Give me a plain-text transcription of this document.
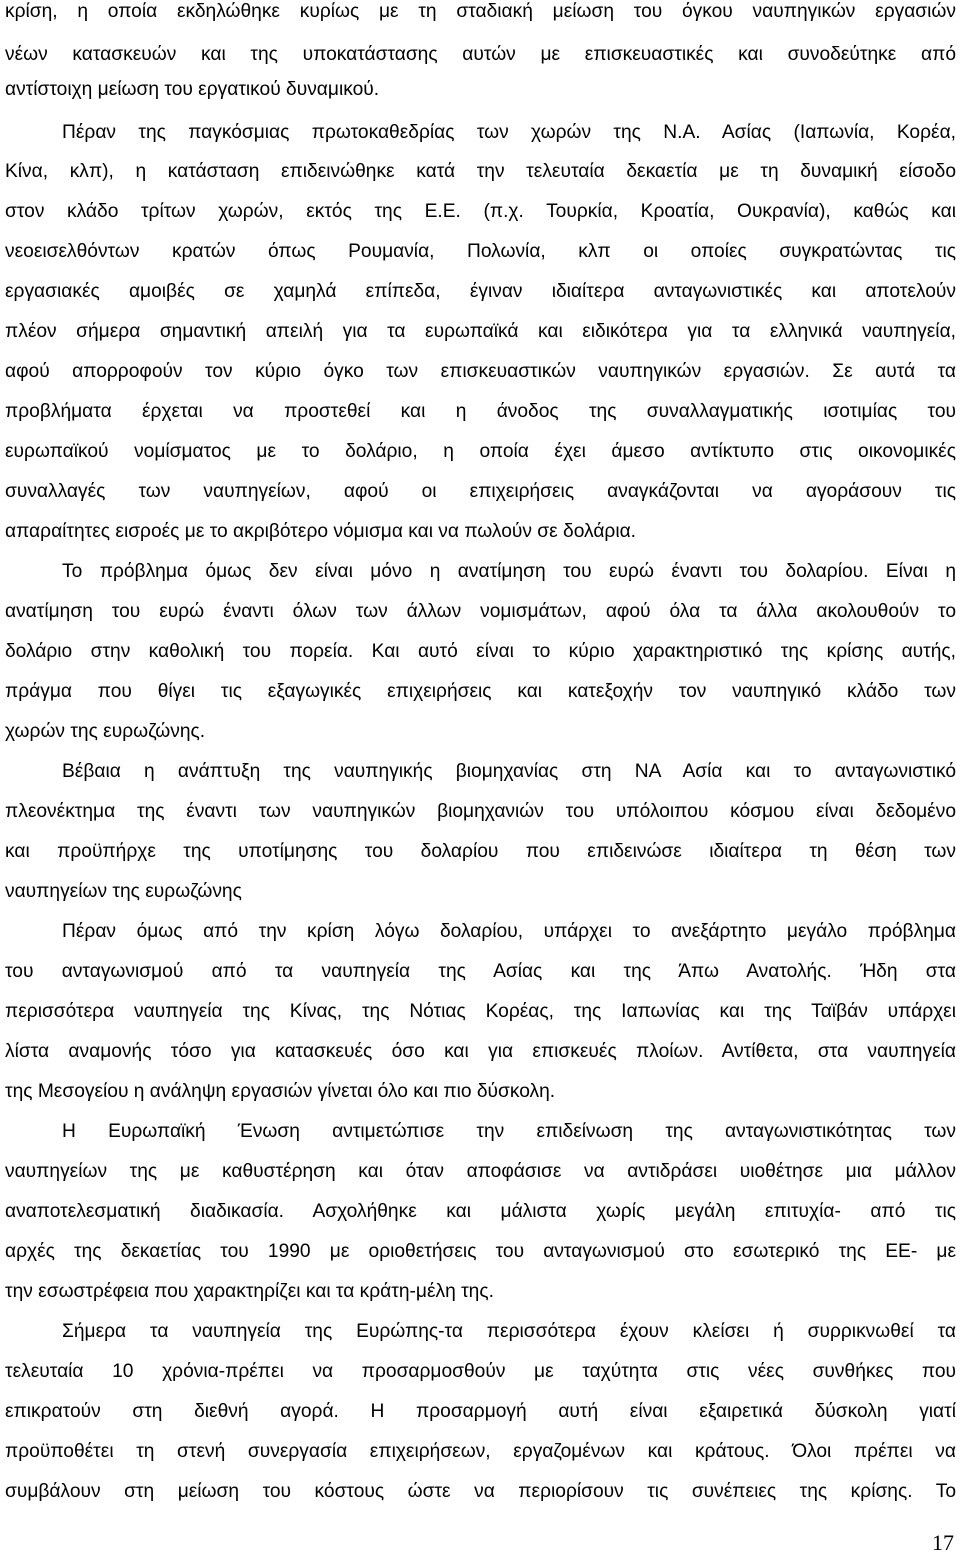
κρίση, η οποία εκδηλώθηκε κυρίως με τη σταδιακή μείωση του όγκου ναυπηγικών εργασιών
νέων κατασκευών και της υποκατάστασης αυτών με επισκευαστικές και συνοδεύτηκε από
αντίστοιχη μείωση του εργατικού δυναμικού.
Πέραν της παγκόσμιας πρωτοκαθεδρίας των χωρών της Ν.Α. Ασίας (Ιαπωνία, Κορέα,
Κίνα, κλπ), η κατάσταση επιδεινώθηκε κατά την τελευταία δεκαετία με τη δυναμική είσοδο
στον κλάδο τρίτων χωρών, εκτός της Ε.Ε. (π.χ. Τουρκία, Κροατία, Ουκρανία), καθώς και
νεοεισελθόντων κρατών όπως Ρουμανία, Πολωνία, κλπ οι οποίες συγκρατώντας τις
εργασιακές αμοιβές σε χαμηλά επίπεδα, έγιναν ιδιαίτερα ανταγωνιστικές και αποτελούν
πλέον σήμερα σημαντική απειλή για τα ευρωπαϊκά και ειδικότερα για τα ελληνικά ναυπηγεία,
αφού απορροφούν τον κύριο όγκο των επισκευαστικών ναυπηγικών εργασιών. Σε αυτά τα
προβλήματα έρχεται να προστεθεί και η άνοδος της συναλλαγματικής ισοτιμίας του
ευρωπαϊκού νομίσματος με το δολάριο, η οποία έχει άμεσο αντίκτυπο στις οικονομικές
συναλλαγές των ναυπηγείων, αφού οι επιχειρήσεις αναγκάζονται να αγοράσουν τις
απαραίτητες εισροές με το ακριβότερο νόμισμα και να πωλούν σε δολάρια.
Το πρόβλημα όμως δεν είναι μόνο η ανατίμηση του ευρώ έναντι του δολαρίου. Είναι η
ανατίμηση του ευρώ έναντι όλων των άλλων νομισμάτων, αφού όλα τα άλλα ακολουθούν το
δολάριο στην καθολική του πορεία. Και αυτό είναι το κύριο χαρακτηριστικό της κρίσης αυτής,
πράγμα που θίγει τις εξαγωγικές επιχειρήσεις και κατεξοχήν τον ναυπηγικό κλάδο των
χωρών της ευρωζώνης.
Βέβαια η ανάπτυξη της ναυπηγικής βιομηχανίας στη ΝΑ Ασία και το ανταγωνιστικό
πλεονέκτημα της έναντι των ναυπηγικών βιομηχανιών του υπόλοιπου κόσμου είναι δεδομένο
και προϋπήρχε της υποτίμησης του δολαρίου που επιδεινώσε ιδιαίτερα τη θέση των
ναυπηγείων της ευρωζώνης
Πέραν όμως από την κρίση λόγω δολαρίου, υπάρχει το ανεξάρτητο μεγάλο πρόβλημα
του ανταγωνισμού από τα ναυπηγεία της Ασίας και της Άπω Ανατολής. Ήδη στα
περισσότερα ναυπηγεία της Κίνας, της Νότιας Κορέας, της Ιαπωνίας και της Ταϊβάν υπάρχει
λίστα αναμονής τόσο για κατασκευές όσο και για επισκευές πλοίων. Αντίθετα, στα ναυπηγεία
της Μεσογείου η ανάληψη εργασιών γίνεται όλο και πιο δύσκολη.
Η Ευρωπαϊκή Ένωση αντιμετώπισε την επιδείνωση της ανταγωνιστικότητας των
ναυπηγείων της με καθυστέρηση και όταν αποφάσισε να αντιδράσει υιοθέτησε μια μάλλον
αναποτελεσματική διαδικασία. Ασχολήθηκε και μάλιστα χωρίς μεγάλη επιτυχία- από τις
αρχές της δεκαετίας του 1990 με οριοθετήσεις του ανταγωνισμού στο εσωτερικό της ΕΕ- με
την εσωστρέφεια που χαρακτηρίζει και τα κράτη-μέλη της.
Σήμερα τα ναυπηγεία της Ευρώπης-τα περισσότερα έχουν κλείσει ή συρρικνωθεί τα
τελευταία 10 χρόνια-πρέπει να προσαρμοσθούν με ταχύτητα στις νέες συνθήκες που
επικρατούν στη διεθνή αγορά. Η προσαρμογή αυτή είναι εξαιρετικά δύσκολη γιατί
προϋποθέτει τη στενή συνεργασία επιχειρήσεων, εργαζομένων και κράτους. Όλοι πρέπει να
συμβάλουν στη μείωση του κόστους ώστε να περιορίσουν τις συνέπειες της κρίσης. Το
17
